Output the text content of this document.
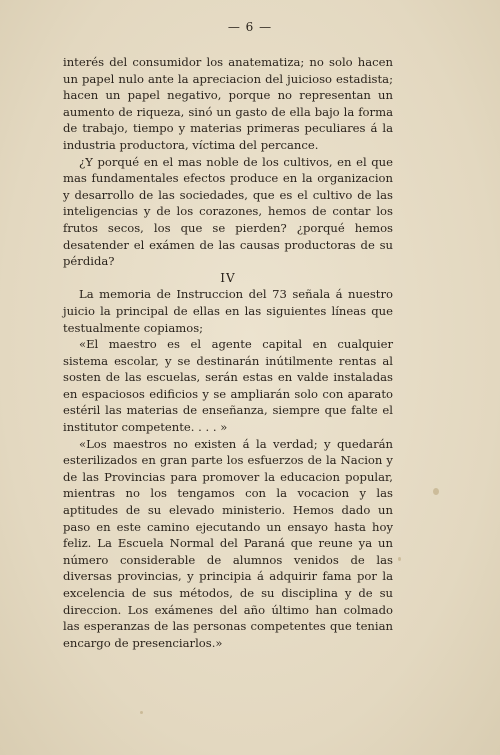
— 6 —

interés del consumidor los anatematiza; no solo hacen un papel nulo ante la apreciacion del juicioso estadista; hacen un papel negativo, porque no representan un aumento de riqueza, sinó un gasto de ella bajo la forma de trabajo, tiempo y materias primeras peculiares á la industria productora, víctima del percance.

¿Y porqué en el mas noble de los cultivos, en el que mas fundamentales efectos produce en la organizacion y desarrollo de las sociedades, que es el cultivo de las inteligencias y de los corazones, hemos de contar los frutos secos, los que se pierden? ¿porqué hemos desatender el exámen de las causas productoras de su pérdida?

IV

La memoria de Instruccion del 73 señala á nuestro juicio la principal de ellas en las siguientes líneas que testualmente copiamos;

«El maestro es el agente capital en cualquier sistema escolar, y se destinarán inútilmente rentas al sosten de las escuelas, serán estas en valde instaladas en espaciosos edificios y se ampliarán solo con aparato estéril las materias de enseñanza, siempre que falte el institutor competente. . . . »

«Los maestros no existen á la verdad; y quedarán esterilizados en gran parte los esfuerzos de la Nacion y de las Provincias para promover la educacion popular, mientras no los tengamos con la vocacion y las aptitudes de su elevado ministerio. Hemos dado un paso en este camino ejecutando un ensayo hasta hoy feliz. La Escuela Normal del Paraná que reune ya un número considerable de alumnos venidos de las diversas provincias, y principia á adquirir fama por la excelencia de sus métodos, de su disciplina y de su direccion. Los exámenes del año último han colmado las esperanzas de las personas competentes que tenian encargo de presenciarlos.»
